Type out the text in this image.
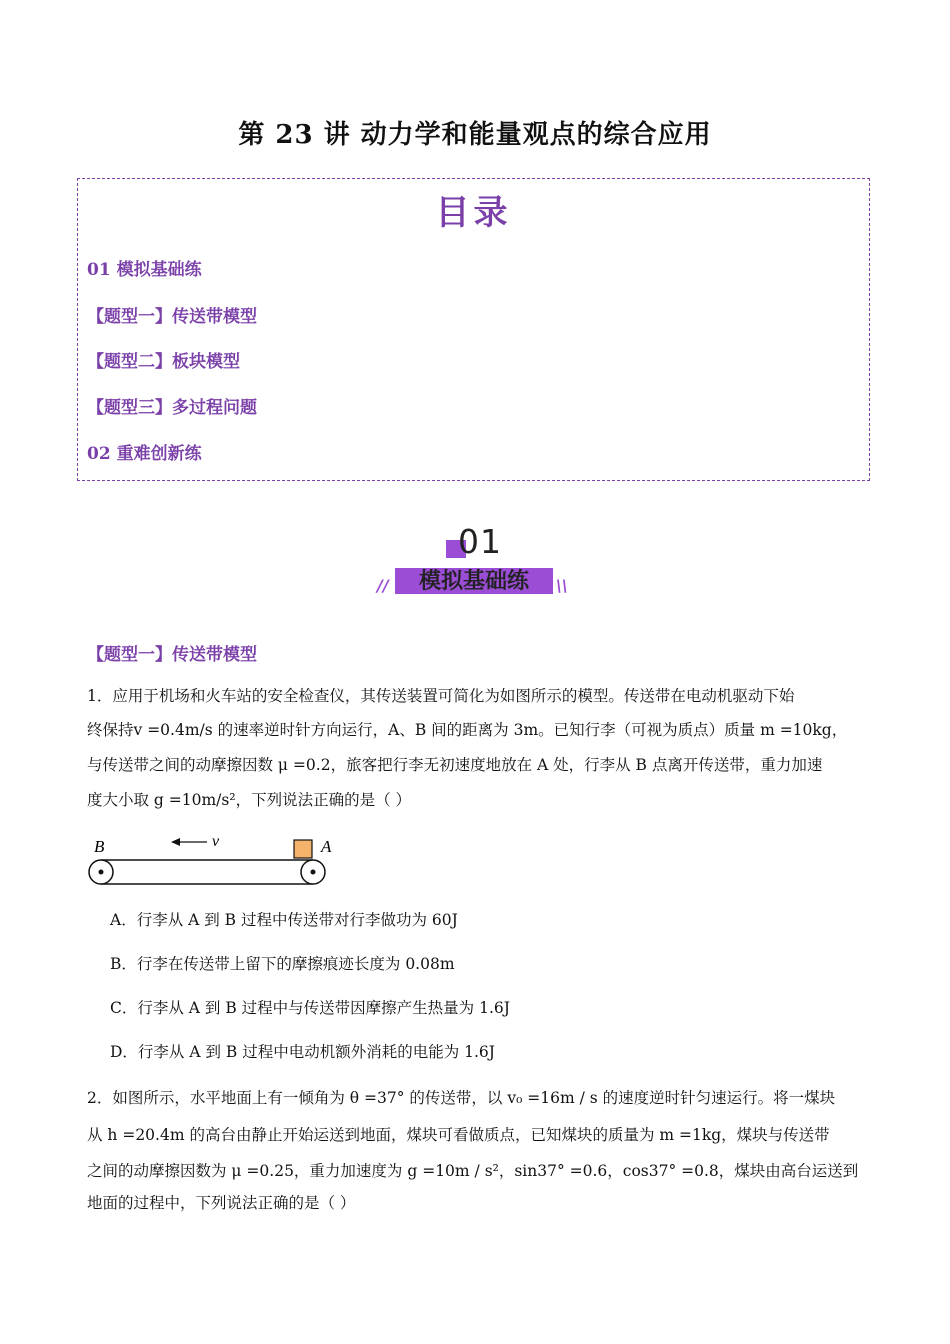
第 23 讲 动力学和能量观点的综合应用
目录
01 模拟基础练
【题型一】传送带模型
【题型二】板块模型
【题型三】多过程问题
02 重难创新练
01
模拟基础练
//	\\
【题型一】传送带模型
1．应用于机场和火车站的安全检查仪，其传送装置可简化为如图所示的模型。传送带在电动机驱动下始
终保持v =0.4m/s 的速率逆时针方向运行，A、B 间的距离为 3m。已知行李（可视为质点）质量 m =10kg，
与传送带之间的动摩擦因数 μ =0.2，旅客把行李无初速度地放在 A 处，行李从 B 点离开传送带，重力加速
度大小取 g =10m/s²，下列说法正确的是（ ）
B	A
v
A．行李从 A 到 B 过程中传送带对行李做功为 60J
B．行李在传送带上留下的摩擦痕迹长度为 0.08m
C．行李从 A 到 B 过程中与传送带因摩擦产生热量为 1.6J
D．行李从 A 到 B 过程中电动机额外消耗的电能为 1.6J
2．如图所示，水平地面上有一倾角为 θ =37° 的传送带，以 v₀ =16m / s 的速度逆时针匀速运行。将一煤块
从 h =20.4m 的高台由静止开始运送到地面，煤块可看做质点，已知煤块的质量为 m =1kg，煤块与传送带
之间的动摩擦因数为 μ =0.25，重力加速度为 g =10m / s²，sin37° =0.6，cos37° =0.8，煤块由高台运送到
地面的过程中，下列说法正确的是（ ）
